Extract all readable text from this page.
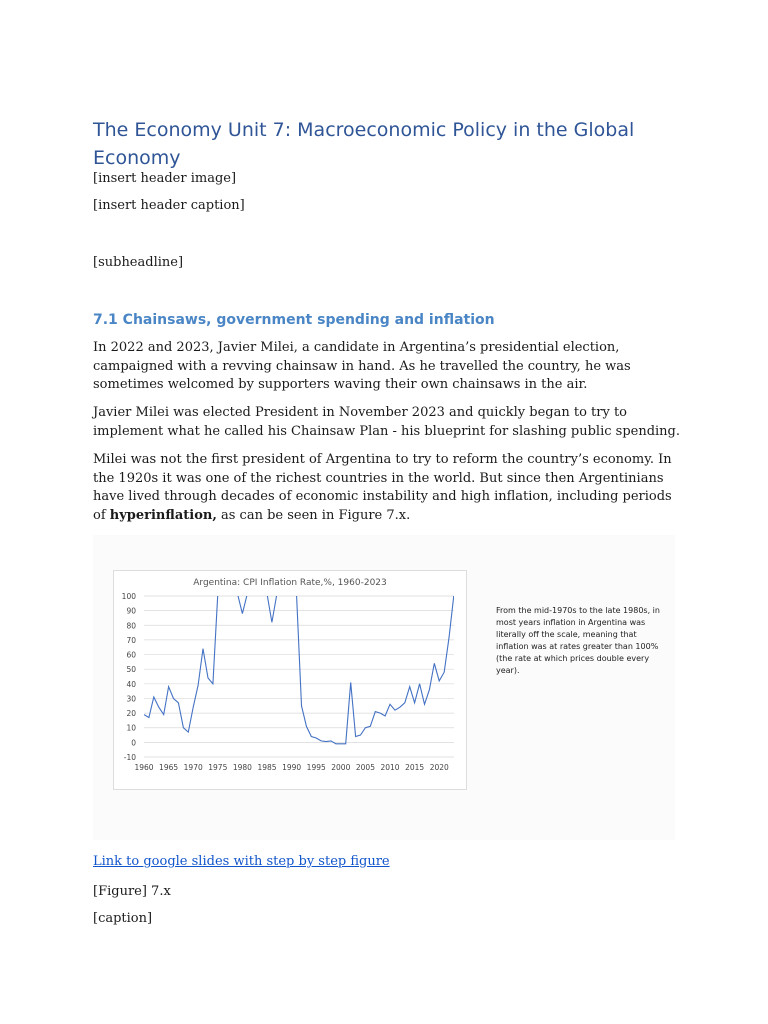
The Economy Unit 7: Macroeconomic Policy in the Global Economy

[insert header image]

[insert header caption]

[subheadline]

7.1 Chainsaws, government spending and inflation

In 2022 and 2023, Javier Milei, a candidate in Argentina’s presidential election, campaigned with a revving chainsaw in hand. As he travelled the country, he was sometimes welcomed by supporters waving their own chainsaws in the air.

Javier Milei was elected President in November 2023 and quickly began to try to implement what he called his Chainsaw Plan - his blueprint for slashing public spending.

Milei was not the first president of Argentina to try to reform the country’s economy. In the 1920s it was one of the richest countries in the world. But since then Argentinians have lived through decades of economic instability and high inflation, including periods of hyperinflation, as can be seen in Figure 7.x.

Argentina: CPI Inflation Rate,%, 1960-2023
-10
0
10
20
30
40
50
60
70
80
90
100
1960 1965 1970 1975 1980 1985 1990 1995 2000 2005 2010 2015 2020

From the mid-1970s to the late 1980s, in most years inflation in Argentina was literally off the scale, meaning that inflation was at rates greater than 100% (the rate at which prices double every year).

Link to google slides with step by step figure

[Figure] 7.x

[caption]
